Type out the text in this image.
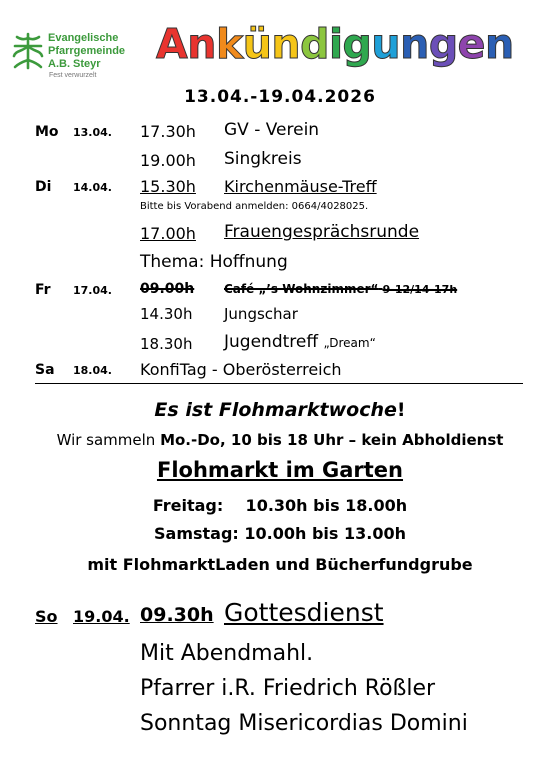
Evangelische
Pfarrgemeinde
A.B. Steyr
Fest verwurzelt
Ankündigungen
13.04.-19.04.2026
Mo 13.04. 17.30h GV - Verein
19.00h Singkreis
Di 14.04. 15.30h Kirchenmäuse-Treff
Bitte bis Vorabend anmelden: 0664/4028025.
17.00h Frauengesprächsrunde
Thema: Hoffnung
Fr 17.04. 09.00h Café „’s Wohnzimmer“ 9-12/14-17h
14.30h Jungschar
18.30h Jugendtreff „Dream“
Sa 18.04. KonfiTag - Oberösterreich
Es ist Flohmarktwoche!
Wir sammeln Mo.-Do, 10 bis 18 Uhr – kein Abholdienst
Flohmarkt im Garten
Freitag:    10.30h bis 18.00h
Samstag: 10.00h bis 13.00h
mit FlohmarktLaden und Bücherfundgrube
So 19.04. 09.30h Gottesdienst
Mit Abendmahl.
Pfarrer i.R. Friedrich Rößler
Sonntag Misericordias Domini
